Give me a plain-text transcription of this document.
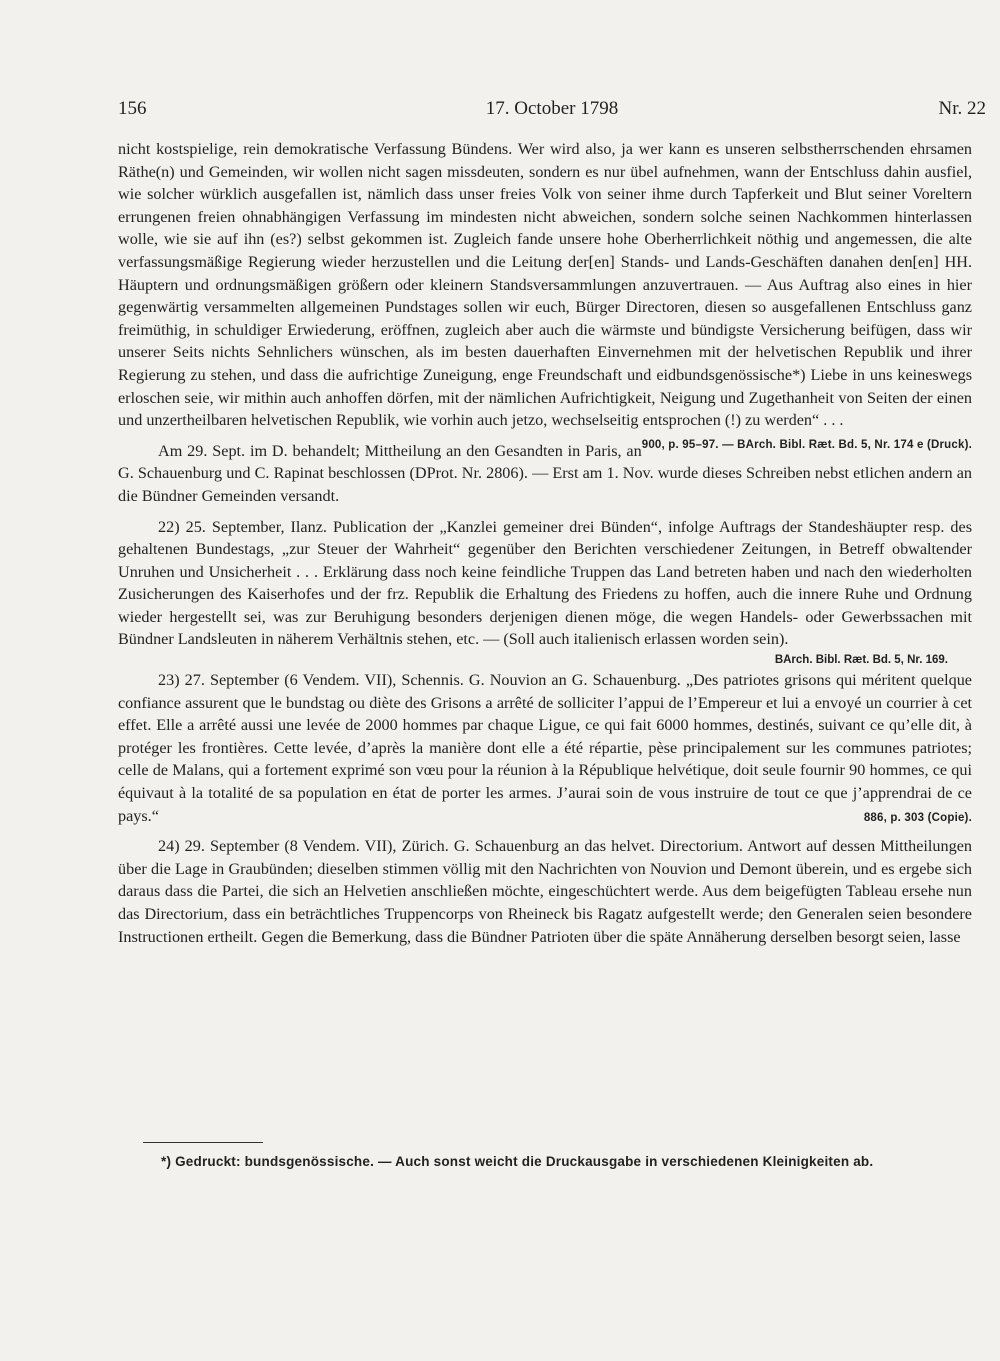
156	17. October 1798	Nr. 22

nicht kostspielige, rein demokratische Verfassung Bündens. Wer wird also, ja wer kann es unseren selbstherrschenden ehrsamen Räthe(n) und Gemeinden, wir wollen nicht sagen missdeuten, sondern es nur übel aufnehmen, wann der Entschluss dahin ausfiel, wie solcher würklich ausgefallen ist, nämlich dass unser freies Volk von seiner ihme durch Tapferkeit und Blut seiner Voreltern errungenen freien ohnabhängigen Verfassung im mindesten nicht abweichen, sondern solche seinen Nachkommen hinterlassen wolle, wie sie auf ihn (es?) selbst gekommen ist. Zugleich fande unsere hohe Oberherrlichkeit nöthig und angemessen, die alte verfassungsmäßige Regierung wieder herzustellen und die Leitung der[en] Stands- und Lands-Geschäften danahen den[en] HH. Häuptern und ordnungsmäßigen größern oder kleinern Standsversammlungen anzuvertrauen. — Aus Auftrag also eines in hier gegenwärtig versammelten allgemeinen Pundstages sollen wir euch, Bürger Directoren, diesen so ausgefallenen Entschluss ganz freimüthig, in schuldiger Erwiederung, eröffnen, zugleich aber auch die wärmste und bündigste Versicherung beifügen, dass wir unserer Seits nichts Sehnlichers wünschen, als im besten dauerhaften Einvernehmen mit der helvetischen Republik und ihrer Regierung zu stehen, und dass die aufrichtige Zuneigung, enge Freundschaft und eidbundsgenössische*) Liebe in uns keineswegs erloschen seie, wir mithin auch anhoffen dörfen, mit der nämlichen Aufrichtigkeit, Neigung und Zugethanheit von Seiten der einen und unzertheilbaren helvetischen Republik, wie vorhin auch jetzo, wechselseitig entsprochen (!) zu werden“ . . .
900, p. 95–97. — BArch. Bibl. Ræt. Bd. 5, Nr. 174 e (Druck).

Am 29. Sept. im D. behandelt; Mittheilung an den Gesandten in Paris, an G. Schauenburg und C. Rapinat beschlossen (DProt. Nr. 2806). — Erst am 1. Nov. wurde dieses Schreiben nebst etlichen andern an die Bündner Gemeinden versandt.

22) 25. September, Ilanz. Publication der „Kanzlei gemeiner drei Bünden“, infolge Auftrags der Standeshäupter resp. des gehaltenen Bundestags, „zur Steuer der Wahrheit“ gegenüber den Berichten verschiedener Zeitungen, in Betreff obwaltender Unruhen und Unsicherheit . . . Erklärung dass noch keine feindliche Truppen das Land betreten haben und nach den wiederholten Zusicherungen des Kaiserhofes und der frz. Republik die Erhaltung des Friedens zu hoffen, auch die innere Ruhe und Ordnung wieder hergestellt sei, was zur Beruhigung besonders derjenigen dienen möge, die wegen Handels- oder Gewerbssachen mit Bündner Landsleuten in näherem Verhältnis stehen, etc. — (Soll auch italienisch erlassen worden sein).

BArch. Bibl. Ræt. Bd. 5, Nr. 169.

23) 27. September (6 Vendem. VII), Schennis. G. Nouvion an G. Schauenburg. „Des patriotes grisons qui méritent quelque confiance assurent que le bundstag ou diète des Grisons a arrêté de solliciter l’appui de l’Empereur et lui a envoyé un courrier à cet effet. Elle a arrêté aussi une levée de 2000 hommes par chaque Ligue, ce qui fait 6000 hommes, destinés, suivant ce qu’elle dit, à protéger les frontières. Cette levée, d’après la manière dont elle a été répartie, pèse principalement sur les communes patriotes; celle de Malans, qui a fortement exprimé son vœu pour la réunion à la République helvétique, doit seule fournir 90 hommes, ce qui équivaut à la totalité de sa population en état de porter les armes. J’aurai soin de vous instruire de tout ce que j’apprendrai de ce pays.“	886, p. 303 (Copie).

24) 29. September (8 Vendem. VII), Zürich. G. Schauenburg an das helvet. Directorium. Antwort auf dessen Mittheilungen über die Lage in Graubünden; dieselben stimmen völlig mit den Nachrichten von Nouvion und Demont überein, und es ergebe sich daraus dass die Partei, die sich an Helvetien anschließen möchte, eingeschüchtert werde. Aus dem beigefügten Tableau ersehe nun das Directorium, dass ein beträchtliches Truppencorps von Rheineck bis Ragatz aufgestellt werde; den Generalen seien besondere Instructionen ertheilt. Gegen die Bemerkung, dass die Bündner Patrioten über die späte Annäherung derselben besorgt seien, lasse

*) Gedruckt: bundsgenössische. — Auch sonst weicht die Druckausgabe in verschiedenen Kleinigkeiten ab.
